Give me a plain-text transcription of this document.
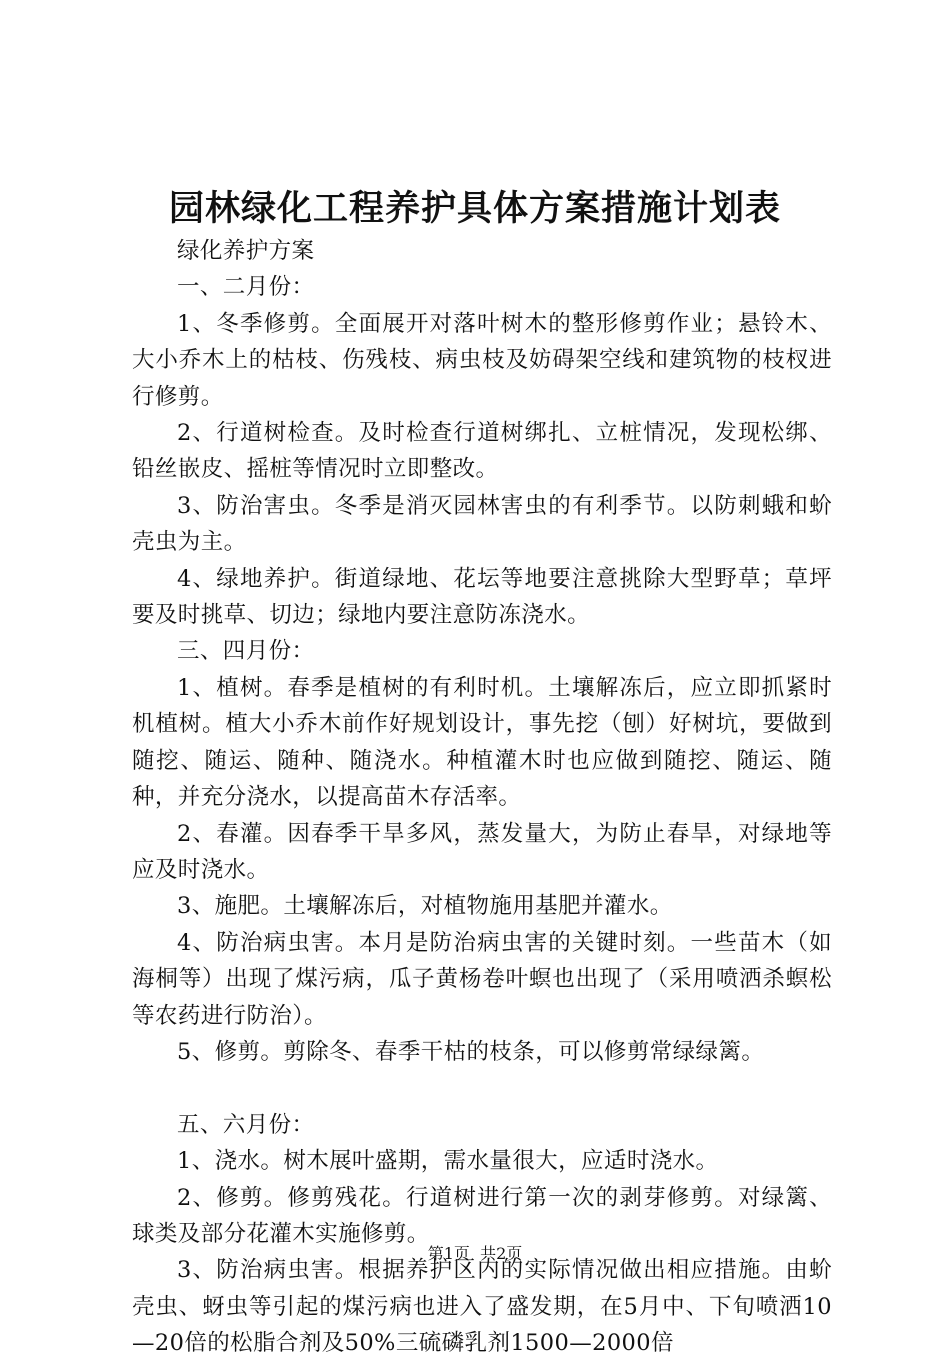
园林绿化工程养护具体方案措施计划表

绿化养护方案

一、二月份：

1、冬季修剪。全面展开对落叶树木的整形修剪作业；悬铃木、大小乔木上的枯枝、伤残枝、病虫枝及妨碍架空线和建筑物的枝杈进行修剪。

2、行道树检查。及时检查行道树绑扎、立桩情况，发现松绑、铅丝嵌皮、摇桩等情况时立即整改。

3、防治害虫。冬季是消灭园林害虫的有利季节。以防刺蛾和蚧壳虫为主。

4、绿地养护。街道绿地、花坛等地要注意挑除大型野草；草坪要及时挑草、切边；绿地内要注意防冻浇水。

三、四月份：

1、植树。春季是植树的有利时机。土壤解冻后，应立即抓紧时机植树。植大小乔木前作好规划设计，事先挖（刨）好树坑，要做到随挖、随运、随种、随浇水。种植灌木时也应做到随挖、随运、随种，并充分浇水，以提高苗木存活率。

2、春灌。因春季干旱多风，蒸发量大，为防止春旱，对绿地等应及时浇水。

3、施肥。土壤解冻后，对植物施用基肥并灌水。

4、防治病虫害。本月是防治病虫害的关键时刻。一些苗木（如海桐等）出现了煤污病，瓜子黄杨卷叶螟也出现了（采用喷洒杀螟松等农药进行防治）。

5、修剪。剪除冬、春季干枯的枝条，可以修剪常绿绿篱。

五、六月份：

1、浇水。树木展叶盛期，需水量很大，应适时浇水。

2、修剪。修剪残花。行道树进行第一次的剥芽修剪。对绿篱、球类及部分花灌木实施修剪。

3、防治病虫害。根据养护区内的实际情况做出相应措施。由蚧壳虫、蚜虫等引起的煤污病也进入了盛发期，在5月中、下旬喷洒10—20倍的松脂合剂及50%三硫磷乳剂1500—2000倍

第1页  共2页
